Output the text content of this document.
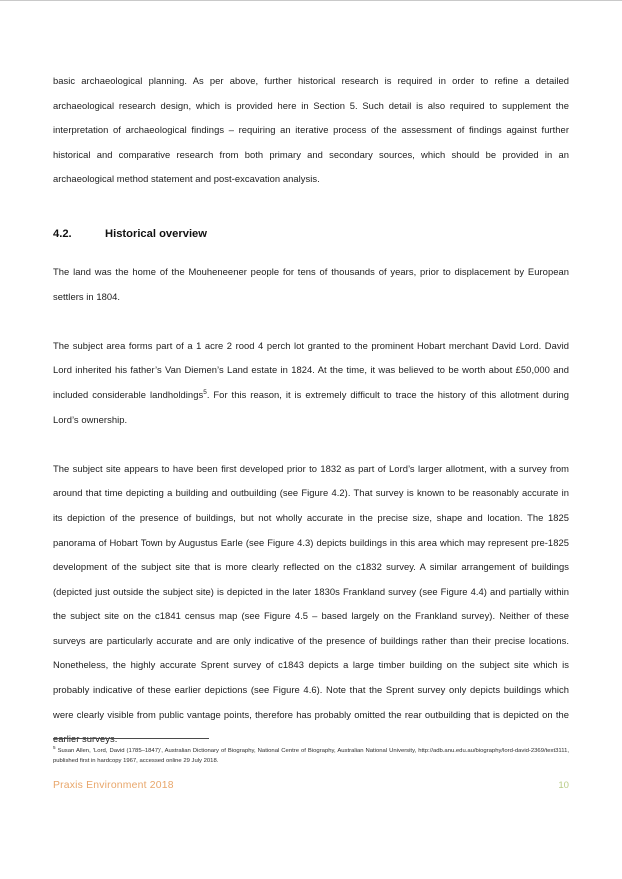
basic archaeological planning. As per above, further historical research is required in order to refine a detailed archaeological research design, which is provided here in Section 5. Such detail is also required to supplement the interpretation of archaeological findings – requiring an iterative process of the assessment of findings against further historical and comparative research from both primary and secondary sources, which should be provided in an archaeological method statement and post-excavation analysis.

4.2.	Historical overview

The land was the home of the Mouheneener people for tens of thousands of years, prior to displacement by European settlers in 1804.

The subject area forms part of a 1 acre 2 rood 4 perch lot granted to the prominent Hobart merchant David Lord. David Lord inherited his father’s Van Diemen’s Land estate in 1824. At the time, it was believed to be worth about £50,000 and included considerable landholdings$^5$. For this reason, it is extremely difficult to trace the history of this allotment during Lord’s ownership.

The subject site appears to have been first developed prior to 1832 as part of Lord’s larger allotment, with a survey from around that time depicting a building and outbuilding (see Figure 4.2). That survey is known to be reasonably accurate in its depiction of the presence of buildings, but not wholly accurate in the precise size, shape and location. The 1825 panorama of Hobart Town by Augustus Earle (see Figure 4.3) depicts buildings in this area which may represent pre-1825 development of the subject site that is more clearly reflected on the c1832 survey. A similar arrangement of buildings (depicted just outside the subject site) is depicted in the later 1830s Frankland survey (see Figure 4.4) and partially within the subject site on the c1841 census map (see Figure 4.5 – based largely on the Frankland survey). Neither of these surveys are particularly accurate and are only indicative of the presence of buildings rather than their precise locations. Nonetheless, the highly accurate Sprent survey of c1843 depicts a large timber building on the subject site which is probably indicative of these earlier depictions (see Figure 4.6). Note that the Sprent survey only depicts buildings which were clearly visible from public vantage points, therefore has probably omitted the rear outbuilding that is depicted on the earlier surveys.

$^5$ Susan Allen, ‘Lord, David (1785–1847)’, Australian Dictionary of Biography, National Centre of Biography, Australian National University, http://adb.anu.edu.au/biography/lord-david-2369/text3111, published first in hardcopy 1967, accessed online 29 July 2018.

Praxis Environment 2018	10
